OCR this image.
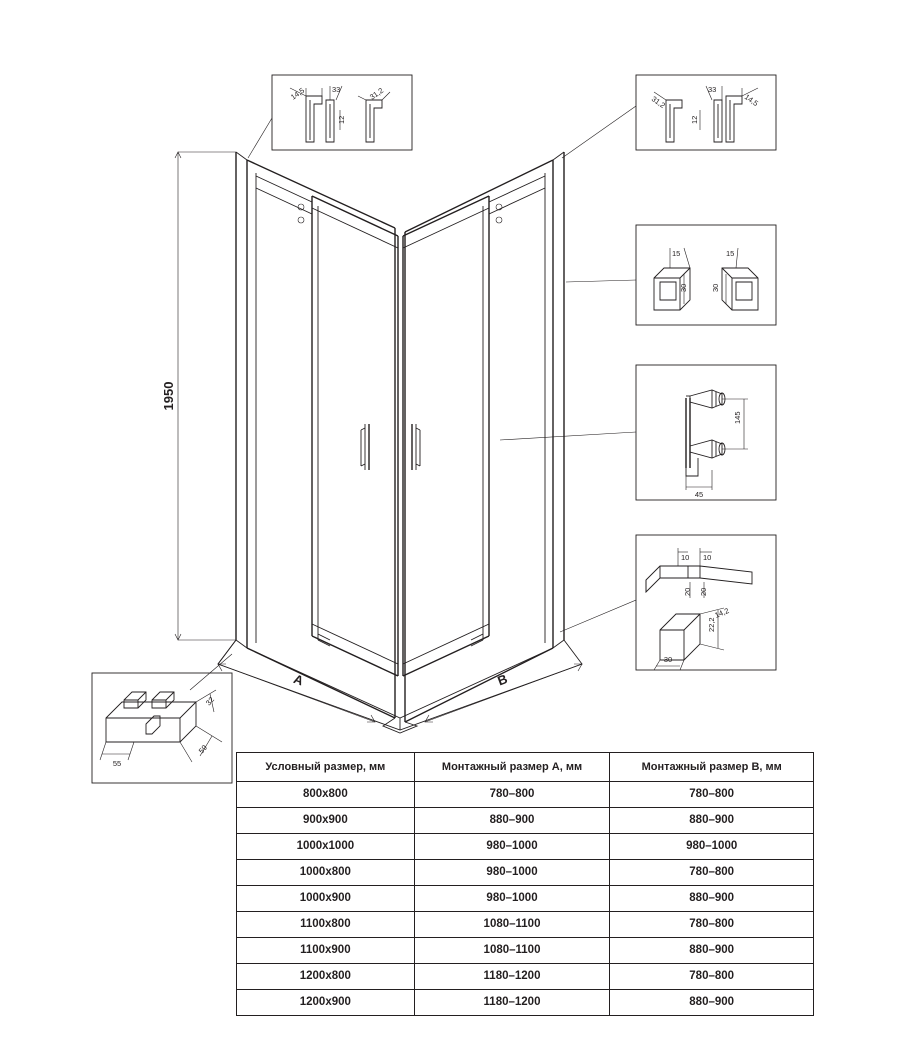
1950
A	B
14,5	33	31,2
12
31,2
33
14,5
12
15
30
15
30
145
45
10 10
20 20
22,2
14,2
30
32
55
59
Условный размер, мм	Монтажный размер A, мм	Монтажный размер B, мм
800x800	780–800	780–800
900x900	880–900	880–900
1000x1000	980–1000	980–1000
1000x800	980–1000	780–800
1000x900	980–1000	880–900
1100x800	1080–1100	780–800
1100x900	1080–1100	880–900
1200x800	1180–1200	780–800
1200x900	1180–1200	880–900
